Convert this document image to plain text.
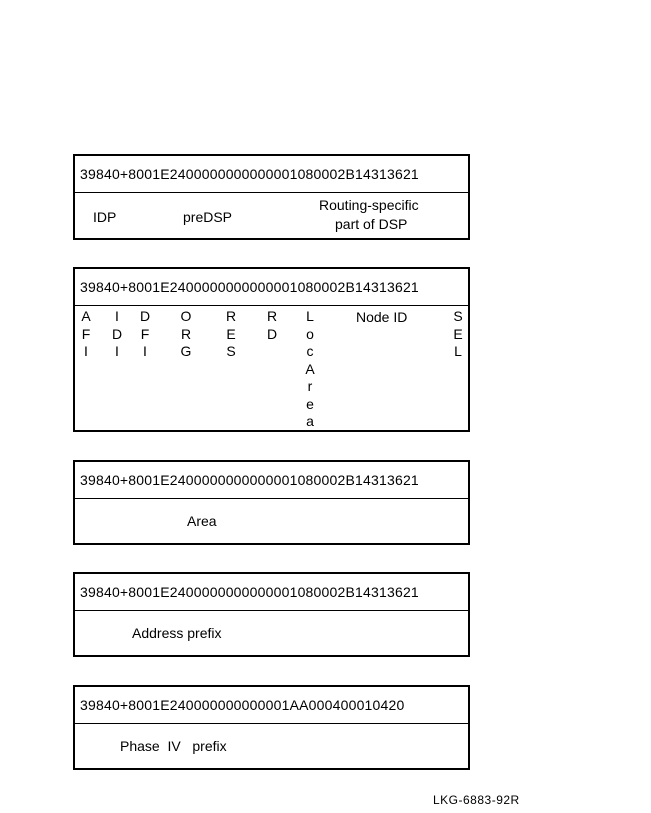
39840+8001E2400000000000001080002B14313621
IDP	preDSP
Routing-specific
part of DSP
39840+8001E2400000000000001080002B14313621
A
F
I
I
D
I
D
F
I
O
R
G
R
E
S
R
D
L
o
c
A
r
e
a
Node ID	S
E
L
39840+8001E2400000000000001080002B14313621
Area
39840+8001E2400000000000001080002B14313621
Address prefix
39840+8001E240000000000001AA000400010420
Phase  IV   prefix
LKG-6883-92R
